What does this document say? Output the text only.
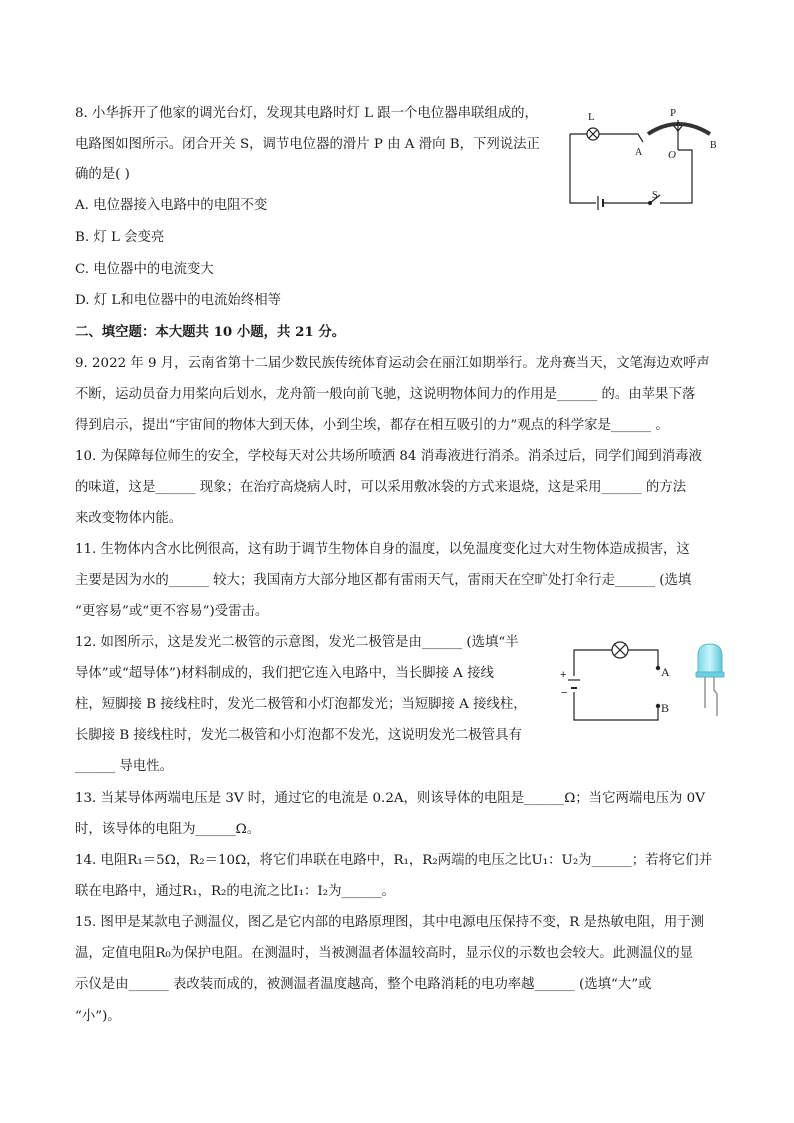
8. 小华拆开了他家的调光台灯，发现其电路时灯 L 跟一个电位器串联组成的，
电路图如图所示。闭合开关 S，调节电位器的滑片 P 由 A 滑向 B，下列说法正
确的是( )
A. 电位器接入电路中的电阻不变
B. 灯 L 会变亮
C. 电位器中的电流变大
D. 灯 L和电位器中的电流始终相等
L	P
A O
B
S
二、填空题：本大题共 10 小题，共 21 分。
9. 2022 年 9 月，云南省第十二届少数民族传统体育运动会在丽江如期举行。龙舟赛当天，文笔海边欢呼声
不断，运动员奋力用桨向后划水，龙舟箭一般向前飞驰，这说明物体间力的作用是______ 的。由苹果下落
得到启示，提出“宇宙间的物体大到天体，小到尘埃，都存在相互吸引的力”观点的科学家是______ 。
10. 为保障每位师生的安全，学校每天对公共场所喷洒 84 消毒液进行消杀。消杀过后，同学们闻到消毒液
的味道，这是______ 现象；在治疗高烧病人时，可以采用敷冰袋的方式来退烧，这是采用______ 的方法
来改变物体内能。
11. 生物体内含水比例很高，这有助于调节生物体自身的温度，以免温度变化过大对生物体造成损害，这
主要是因为水的______ 较大；我国南方大部分地区都有雷雨天气，雷雨天在空旷处打伞行走______ (选填
“更容易”或“更不容易”)受雷击。
12. 如图所示，这是发光二极管的示意图，发光二极管是由______ (选填“半
导体”或“超导体”)材料制成的，我们把它连入电路中，当长脚接 A 接线
柱，短脚接 B 接线柱时，发光二极管和小灯泡都发光；当短脚接 A 接线柱，
长脚接 B 接线柱时，发光二极管和小灯泡都不发光，这说明发光二极管具有
______ 导电性。
+
−
A
B
13. 当某导体两端电压是 3V 时，通过它的电流是 0.2A，则该导体的电阻是______Ω；当它两端电压为 0V
时，该导体的电阻为______Ω。
14. 电阻R₁＝5Ω，R₂＝10Ω，将它们串联在电路中，R₁，R₂两端的电压之比U₁：U₂为______；若将它们并
联在电路中，通过R₁，R₂的电流之比I₁：I₂为______。
15. 图甲是某款电子测温仪，图乙是它内部的电路原理图，其中电源电压保持不变，R 是热敏电阻，用于测
温，定值电阻R₀为保护电阻。在测温时，当被测温者体温较高时，显示仪的示数也会较大。此测温仪的显
示仪是由______ 表改装而成的，被测温者温度越高，整个电路消耗的电功率越______ (选填“大”或
“小”)。
